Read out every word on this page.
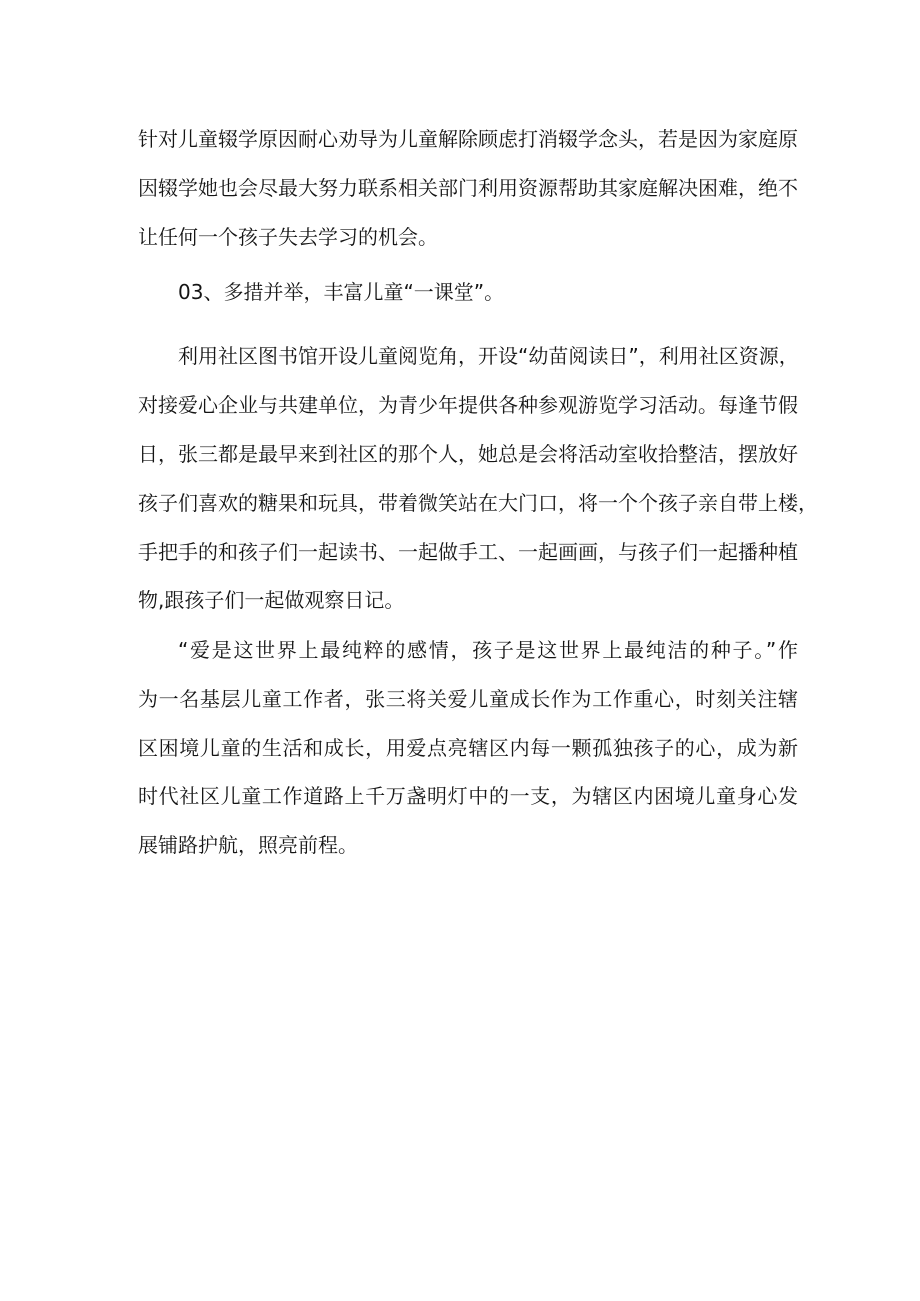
针对儿童辍学原因耐心劝导为儿童解除顾虑打消辍学念头，若是因为家庭原
因辍学她也会尽最大努力联系相关部门利用资源帮助其家庭解决困难，绝不
让任何一个孩子失去学习的机会。
03、多措并举，丰富儿童“一课堂”。
利用社区图书馆开设儿童阅览角，开设“幼苗阅读日”，利用社区资源，
对接爱心企业与共建单位，为青少年提供各种参观游览学习活动。每逢节假
日，张三都是最早来到社区的那个人，她总是会将活动室收拾整洁，摆放好
孩子们喜欢的糖果和玩具，带着微笑站在大门口，将一个个孩子亲自带上楼，
手把手的和孩子们一起读书、一起做手工、一起画画，与孩子们一起播种植
物,跟孩子们一起做观察日记。
“爱是这世界上最纯粹的感情，孩子是这世界上最纯洁的种子。”作
为一名基层儿童工作者，张三将关爱儿童成长作为工作重心，时刻关注辖
区困境儿童的生活和成长，用爱点亮辖区内每一颗孤独孩子的心，成为新
时代社区儿童工作道路上千万盏明灯中的一支，为辖区内困境儿童身心发
展铺路护航，照亮前程。
